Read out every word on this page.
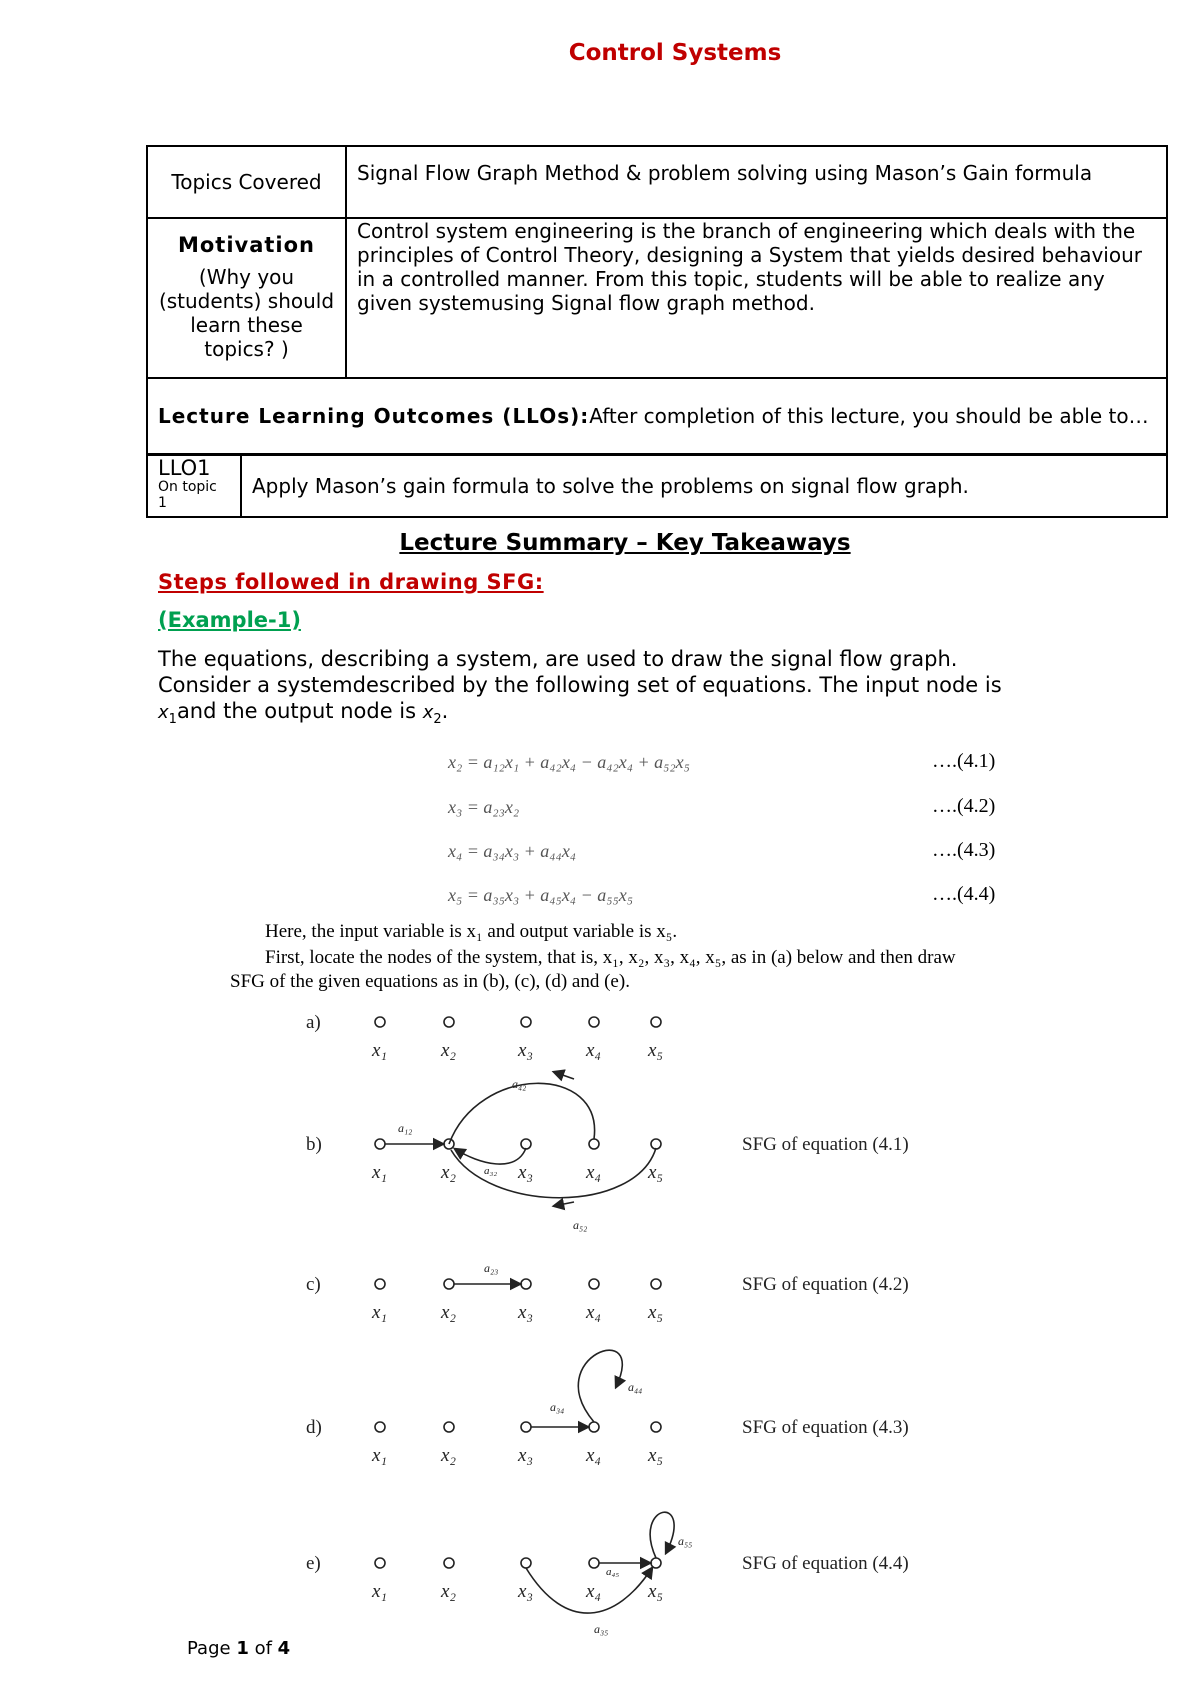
Control Systems
Topics Covered	Signal Flow Graph Method & problem solving using Mason’s Gain formula

Motivation
(Why you (students) should learn these topics? )	Control system engineering is the branch of engineering which deals with the principles of Control Theory, designing a System that yields desired behaviour in a controlled manner. From this topic, students will be able to realize any given systemusing Signal flow graph method.
Lecture Learning Outcomes (LLOs):After completion of this lecture, you should be able to…	
LLO1
On topic 1
	Apply Mason’s gain formula to solve the problems on signal flow graph.
Lecture Summary – Key Takeaways
Steps followed in drawing SFG:
(Example-1)
The equations, describing a system, are used to draw the signal flow graph.
Consider a systemdescribed by the following set of equations. The input node is
$x_1and$ the output node is $x_2$.
x₂ = a₁₂x₁ + a₄₂x₄ − a₄₂x₄ + a₅₂x₅	….(4.1)
x₃ = a₂₃x₂	….(4.2)
x₄ = a₃₄x₃ + a₄₄x₄	….(4.3)
x₅ = a₃₅x₃ + a₄₅x₄ − a₅₅x₅	….(4.4)
Here, the input variable is x₁ and output variable is x₅.
First, locate the nodes of the system, that is, x₁, x₂, x₃, x₄, x₅, as in (a) below and then draw
SFG of the given equations as in (b), (c), (d) and (e).
a)
x₁	x₂	x₃	x₄ x₅
b)
x₁	x₂	x₃	x₄ x₅
SFG of equation (4.1)
c)
x₁	x₂	x₃	x₄ x₅
SFG of equation (4.2)
d)
x₁	x₂	x₃	x₄ x₅
SFG of equation (4.3)
e)
x₁	x₂	x₃	x₄ x₅
SFG of equation (4.4)
a₁₂
a₄₂
a₃₂
a₅₂
a₂₃
a₃₄
a₄₄
a₄₅
a₅₅
a₃₅
Page 1 of 4
